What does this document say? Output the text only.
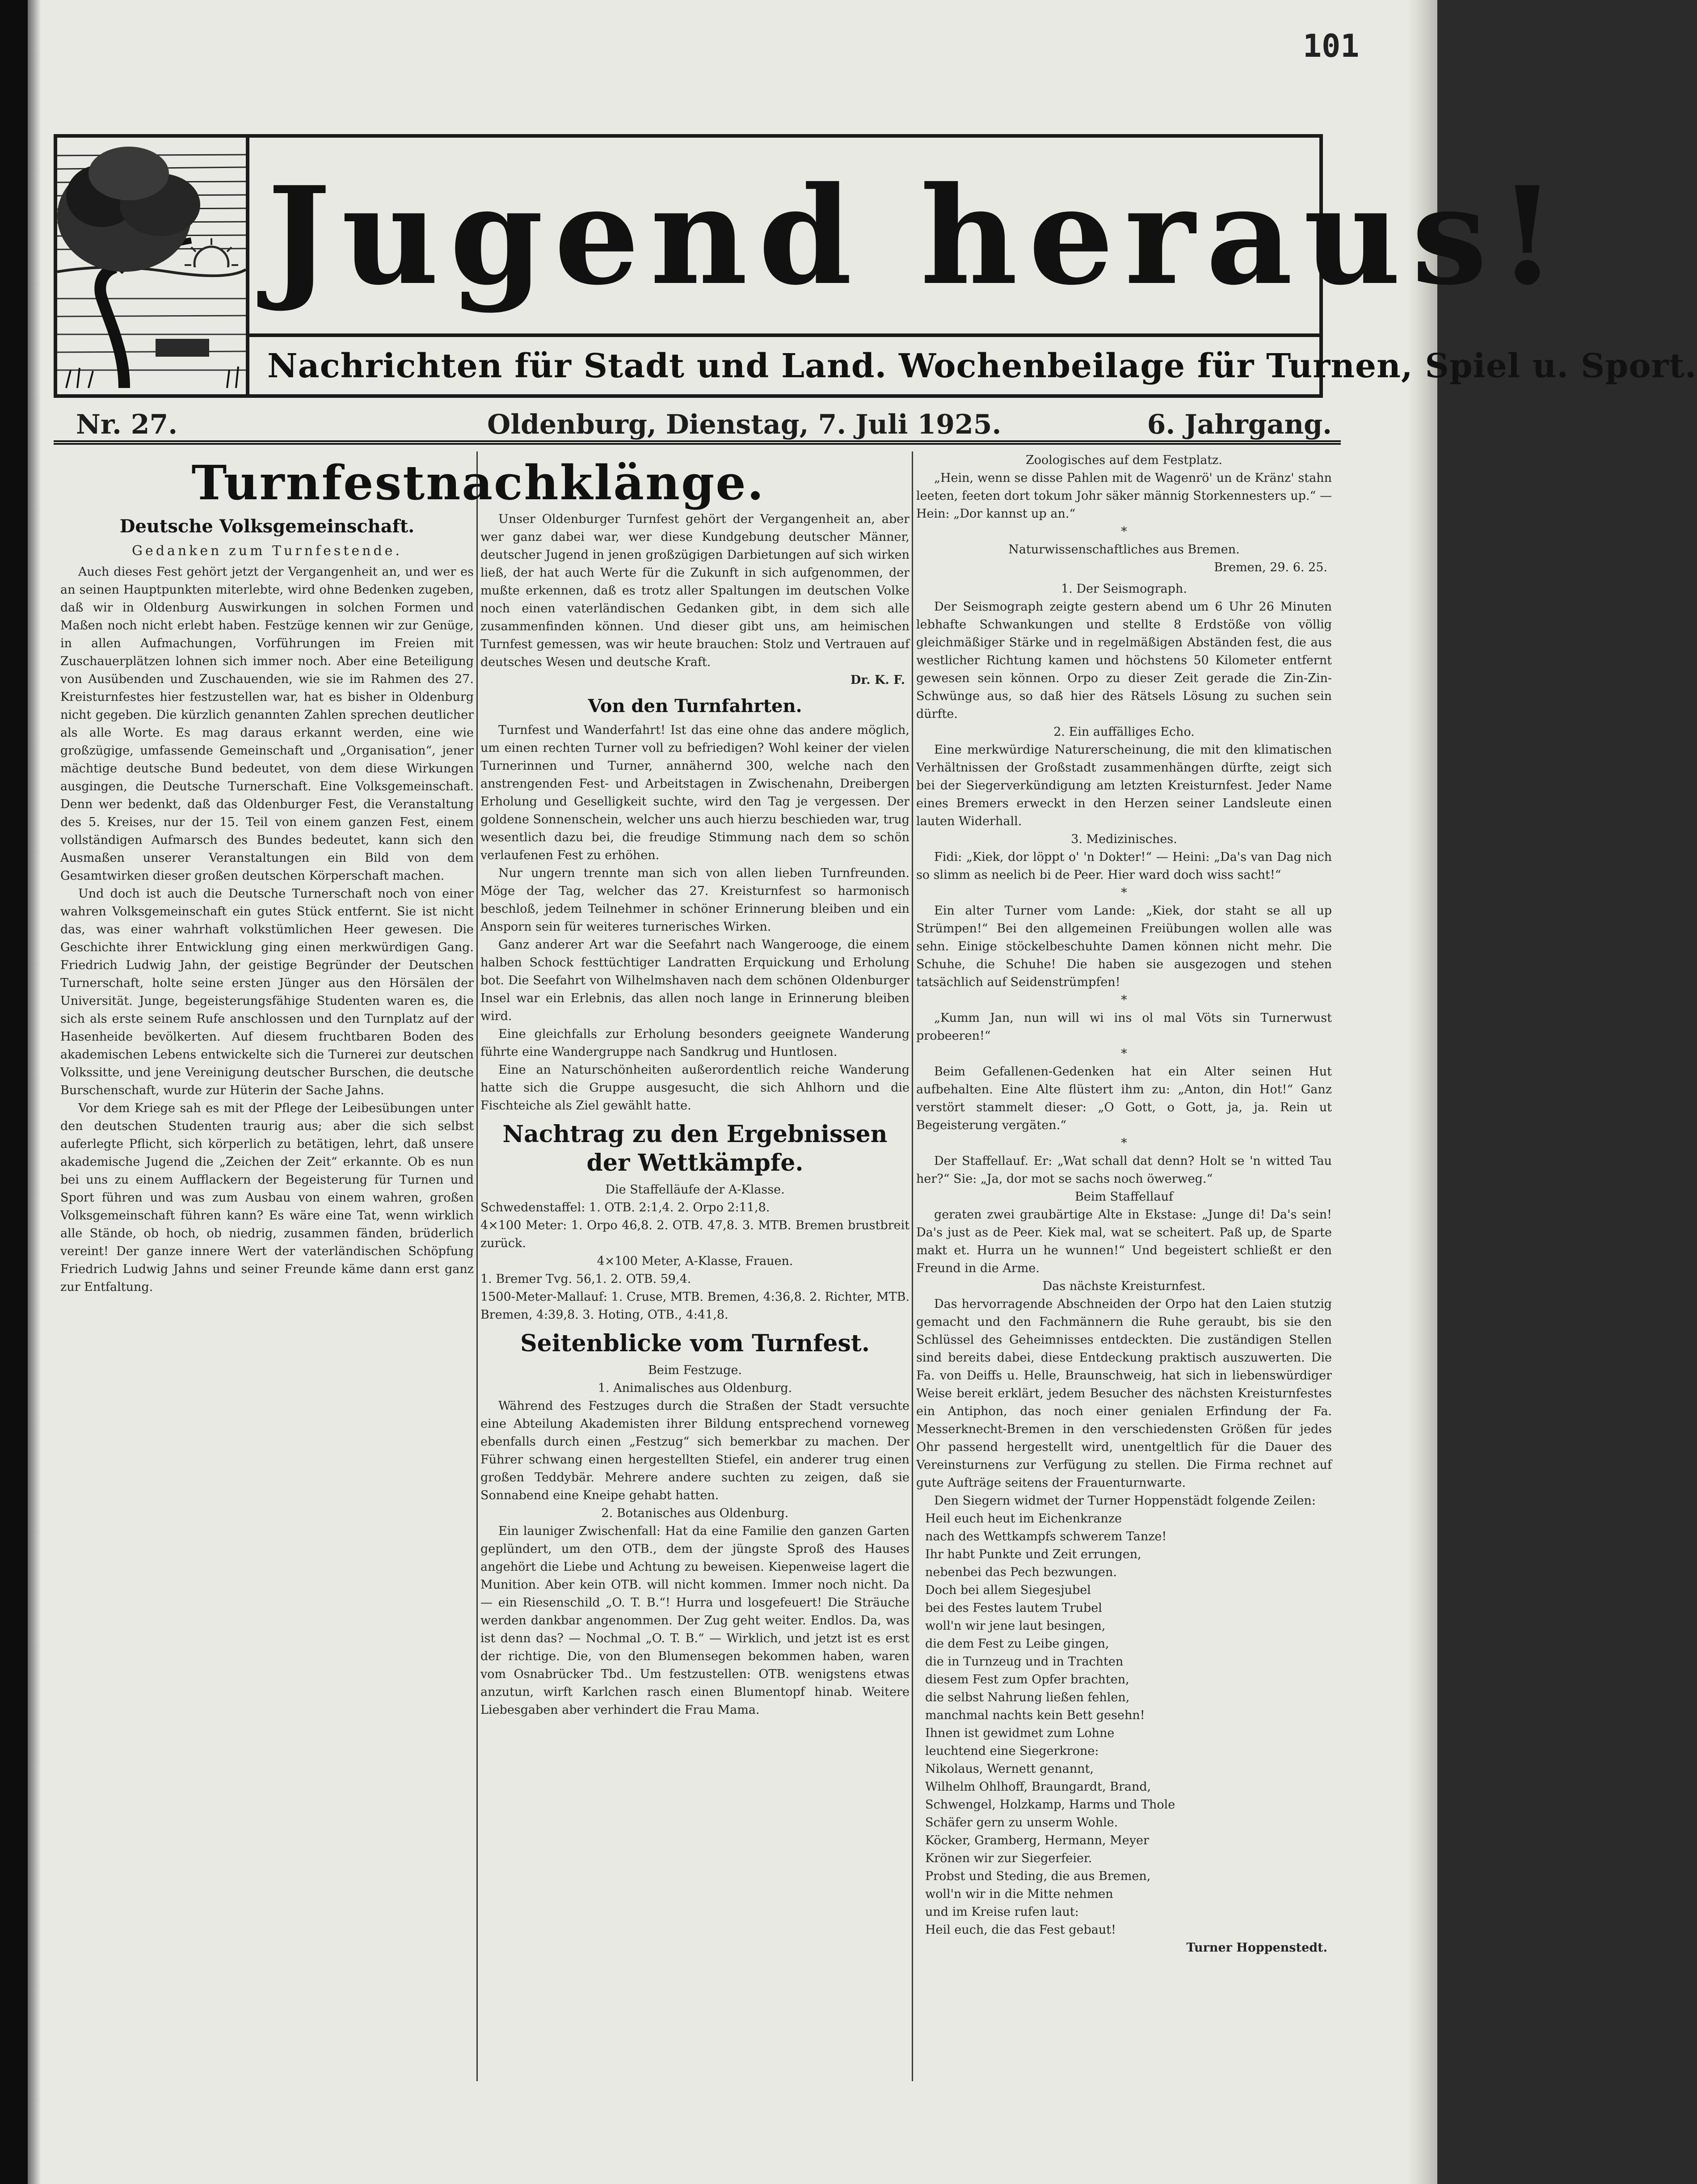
101
Jugend heraus!
Nachrichten für Stadt und Land. Wochenbeilage für Turnen, Spiel u. Sport.
Nr. 27.	Oldenburg, Dienstag, 7. Juli 1925.	6. Jahrgang.
Turnfestnachklänge.
Deutsche Volksgemeinschaft.
Gedanken zum Turnfestende.

Auch dieses Fest gehört jetzt der Vergangenheit an, und wer es an seinen Hauptpunkten miterlebte, wird ohne Bedenken zugeben, daß wir in Oldenburg Auswirkungen in solchen Formen und Maßen noch nicht erlebt haben. Festzüge kennen wir zur Genüge, in allen Aufmachungen, Vorführungen im Freien mit Zuschauerplätzen lohnen sich immer noch. Aber eine Beteiligung von Ausübenden und Zuschauenden, wie sie im Rahmen des 27. Kreisturnfestes hier festzustellen war, hat es bisher in Oldenburg nicht gegeben. Die kürzlich genannten Zahlen sprechen deutlicher als alle Worte. Es mag daraus erkannt werden, eine wie großzügige, umfassende Gemeinschaft und „Organisation“, jener mächtige deutsche Bund bedeutet, von dem diese Wirkungen ausgingen, die Deutsche Turnerschaft. Eine Volksgemeinschaft. Denn wer bedenkt, daß das Oldenburger Fest, die Veranstaltung des 5. Kreises, nur der 15. Teil von einem ganzen Fest, einem vollständigen Aufmarsch des Bundes bedeutet, kann sich den Ausmaßen unserer Veranstaltungen ein Bild von dem Gesamtwirken dieser großen deutschen Körperschaft machen.

Und doch ist auch die Deutsche Turnerschaft noch von einer wahren Volksgemeinschaft ein gutes Stück entfernt. Sie ist nicht das, was einer wahrhaft volkstümlichen Heer gewesen. Die Geschichte ihrer Entwicklung ging einen merkwürdigen Gang. Friedrich Ludwig Jahn, der geistige Begründer der Deutschen Turnerschaft, holte seine ersten Jünger aus den Hörsälen der Universität. Junge, begeisterungsfähige Studenten waren es, die sich als erste seinem Rufe anschlossen und den Turnplatz auf der Hasenheide bevölkerten. Auf diesem fruchtbaren Boden des akademischen Lebens entwickelte sich die Turnerei zur deutschen Volkssitte, und jene Vereinigung deutscher Burschen, die deutsche Burschenschaft, wurde zur Hüterin der Sache Jahns.

Vor dem Kriege sah es mit der Pflege der Leibesübungen unter den deutschen Studenten traurig aus; aber die sich selbst auferlegte Pflicht, sich körperlich zu betätigen, lehrt, daß unsere akademische Jugend die „Zeichen der Zeit“ erkannte. Ob es nun bei uns zu einem Aufflackern der Begeisterung für Turnen und Sport führen und was zum Ausbau von einem wahren, großen Volksgemeinschaft führen kann? Es wäre eine Tat, wenn wirklich alle Stände, ob hoch, ob niedrig, zusammen fänden, brüderlich vereint! Der ganze innere Wert der vaterländischen Schöpfung Friedrich Ludwig Jahns und seiner Freunde käme dann erst ganz zur Entfaltung.

Unser Oldenburger Turnfest gehört der Vergangenheit an, aber wer ganz dabei war, wer diese Kundgebung deutscher Männer, deutscher Jugend in jenen großzügigen Darbietungen auf sich wirken ließ, der hat auch Werte für die Zukunft in sich aufgenommen, der mußte erkennen, daß es trotz aller Spaltungen im deutschen Volke noch einen vaterländischen Gedanken gibt, in dem sich alle zusammenfinden können. Und dieser gibt uns, am heimischen Turnfest gemessen, was wir heute brauchen: Stolz und Vertrauen auf deutsches Wesen und deutsche Kraft.

Dr. K. F.
Von den Turnfahrten.

Turnfest und Wanderfahrt! Ist das eine ohne das andere möglich, um einen rechten Turner voll zu befriedigen? Wohl keiner der vielen Turnerinnen und Turner, annähernd 300, welche nach den anstrengenden Fest- und Arbeitstagen in Zwischenahn, Dreibergen Erholung und Geselligkeit suchte, wird den Tag je vergessen. Der goldene Sonnenschein, welcher uns auch hierzu beschieden war, trug wesentlich dazu bei, die freudige Stimmung nach dem so schön verlaufenen Fest zu erhöhen.

Nur ungern trennte man sich von allen lieben Turnfreunden. Möge der Tag, welcher das 27. Kreisturnfest so harmonisch beschloß, jedem Teilnehmer in schöner Erinnerung bleiben und ein Ansporn sein für weiteres turnerisches Wirken.

Ganz anderer Art war die Seefahrt nach Wangerooge, die einem halben Schock festtüchtiger Landratten Erquickung und Erholung bot. Die Seefahrt von Wilhelmshaven nach dem schönen Oldenburger Insel war ein Erlebnis, das allen noch lange in Erinnerung bleiben wird.

Eine gleichfalls zur Erholung besonders geeignete Wanderung führte eine Wandergruppe nach Sandkrug und Huntlosen.

Eine an Naturschönheiten außerordentlich reiche Wanderung hatte sich die Gruppe ausgesucht, die sich Ahlhorn und die Fischteiche als Ziel gewählt hatte.

Nachtrag zu den Ergebnissen der Wettkämpfe.
Die Staffelläufe der A-Klasse.

Schwedenstaffel: 1. OTB. 2:1,4. 2. Orpo 2:11,8.

4×100 Meter: 1. Orpo 46,8. 2. OTB. 47,8. 3. MTB. Bremen brustbreit zurück.

4×100 Meter, A-Klasse, Frauen.

1. Bremer Tvg. 56,1. 2. OTB. 59,4.

1500-Meter-Mallauf: 1. Cruse, MTB. Bremen, 4:36,8. 2. Richter, MTB. Bremen, 4:39,8. 3. Hoting, OTB., 4:41,8.

Seitenblicke vom Turnfest.
Beim Festzuge.
1. Animalisches aus Oldenburg.

Während des Festzuges durch die Straßen der Stadt versuchte eine Abteilung Akademisten ihrer Bildung entsprechend vorneweg ebenfalls durch einen „Festzug“ sich bemerkbar zu machen. Der Führer schwang einen hergestellten Stiefel, ein anderer trug einen großen Teddybär. Mehrere andere suchten zu zeigen, daß sie Sonnabend eine Kneipe gehabt hatten.

2. Botanisches aus Oldenburg.

Ein launiger Zwischenfall: Hat da eine Familie den ganzen Garten geplündert, um den OTB., dem der jüngste Sproß des Hauses angehört die Liebe und Achtung zu beweisen. Kiepenweise lagert die Munition. Aber kein OTB. will nicht kommen. Immer noch nicht. Da — ein Riesenschild „O. T. B.“! Hurra und losgefeuert! Die Sträuche werden dankbar angenommen. Der Zug geht weiter. Endlos. Da, was ist denn das? — Nochmal „O. T. B.“ — Wirklich, und jetzt ist es erst der richtige. Die, von den Blumensegen bekommen haben, waren vom Osnabrücker Tbd.. Um festzustellen: OTB. wenigstens etwas anzutun, wirft Karlchen rasch einen Blumentopf hinab. Weitere Liebesgaben aber verhindert die Frau Mama.

Zoologisches auf dem Festplatz.

„Hein, wenn se disse Pahlen mit de Wagenrö' un de Kränz' stahn leeten, feeten dort tokum Johr säker männig Storkennesters up.“ — Hein: „Dor kannst up an.“

*
Naturwissenschaftliches aus Bremen.
Bremen, 29. 6. 25.
1. Der Seismograph.

Der Seismograph zeigte gestern abend um 6 Uhr 26 Minuten lebhafte Schwankungen und stellte 8 Erdstöße von völlig gleichmäßiger Stärke und in regelmäßigen Abständen fest, die aus westlicher Richtung kamen und höchstens 50 Kilometer entfernt gewesen sein können. Orpo zu dieser Zeit gerade die Zin-Zin-Schwünge aus, so daß hier des Rätsels Lösung zu suchen sein dürfte.

2. Ein auffälliges Echo.

Eine merkwürdige Naturerscheinung, die mit den klimatischen Verhältnissen der Großstadt zusammenhängen dürfte, zeigt sich bei der Siegerverkündigung am letzten Kreisturnfest. Jeder Name eines Bremers erweckt in den Herzen seiner Landsleute einen lauten Widerhall.

3. Medizinisches.

Fidi: „Kiek, dor löppt o' 'n Dokter!“ — Heini: „Da's van Dag nich so slimm as neelich bi de Peer. Hier ward doch wiss sacht!“

*

Ein alter Turner vom Lande: „Kiek, dor staht se all up Strümpen!“ Bei den allgemeinen Freiübungen wollen alle was sehn. Einige stöckelbeschuhte Damen können nicht mehr. Die Schuhe, die Schuhe! Die haben sie ausgezogen und stehen tatsächlich auf Seidenstrümpfen!

*

„Kumm Jan, nun will wi ins ol mal Vöts sin Turnerwust probeeren!“

*

Beim Gefallenen-Gedenken hat ein Alter seinen Hut aufbehalten. Eine Alte flüstert ihm zu: „Anton, din Hot!“ Ganz verstört stammelt dieser: „O Gott, o Gott, ja, ja. Rein ut Begeisterung vergäten.“

*

Der Staffellauf. Er: „Wat schall dat denn? Holt se 'n witted Tau her?“ Sie: „Ja, dor mot se sachs noch öwerweg.“

Beim Staffellauf

geraten zwei graubärtige Alte in Ekstase: „Junge di! Da's sein! Da's just as de Peer. Kiek mal, wat se scheitert. Paß up, de Sparte makt et. Hurra un he wunnen!“ Und begeistert schließt er den Freund in die Arme.

Das nächste Kreisturnfest.

Das hervorragende Abschneiden der Orpo hat den Laien stutzig gemacht und den Fachmännern die Ruhe geraubt, bis sie den Schlüssel des Geheimnisses entdeckten. Die zuständigen Stellen sind bereits dabei, diese Entdeckung praktisch auszuwerten. Die Fa. von Deiffs u. Helle, Braunschweig, hat sich in liebenswürdiger Weise bereit erklärt, jedem Besucher des nächsten Kreisturnfestes ein Antiphon, das noch einer genialen Erfindung der Fa. Messerknecht-Bremen in den verschiedensten Größen für jedes Ohr passend hergestellt wird, unentgeltlich für die Dauer des Vereinsturnens zur Verfügung zu stellen. Die Firma rechnet auf gute Aufträge seitens der Frauenturnwarte.

Den Siegern widmet der Turner Hoppenstädt folgende Zeilen:

Heil euch heut im Eichenkranze

nach des Wettkampfs schwerem Tanze!

Ihr habt Punkte und Zeit errungen,

nebenbei das Pech bezwungen.

Doch bei allem Siegesjubel

bei des Festes lautem Trubel

woll'n wir jene laut besingen,

die dem Fest zu Leibe gingen,

die in Turnzeug und in Trachten

diesem Fest zum Opfer brachten,

die selbst Nahrung ließen fehlen,

manchmal nachts kein Bett gesehn!

Ihnen ist gewidmet zum Lohne

leuchtend eine Siegerkrone:

Nikolaus, Wernett genannt,

Wilhelm Ohlhoff, Braungardt, Brand,

Schwengel, Holzkamp, Harms und Thole

Schäfer gern zu unserm Wohle.

Köcker, Gramberg, Hermann, Meyer

Krönen wir zur Siegerfeier.

Probst und Steding, die aus Bremen,

woll'n wir in die Mitte nehmen

und im Kreise rufen laut:

Heil euch, die das Fest gebaut!

Turner Hoppenstedt.
